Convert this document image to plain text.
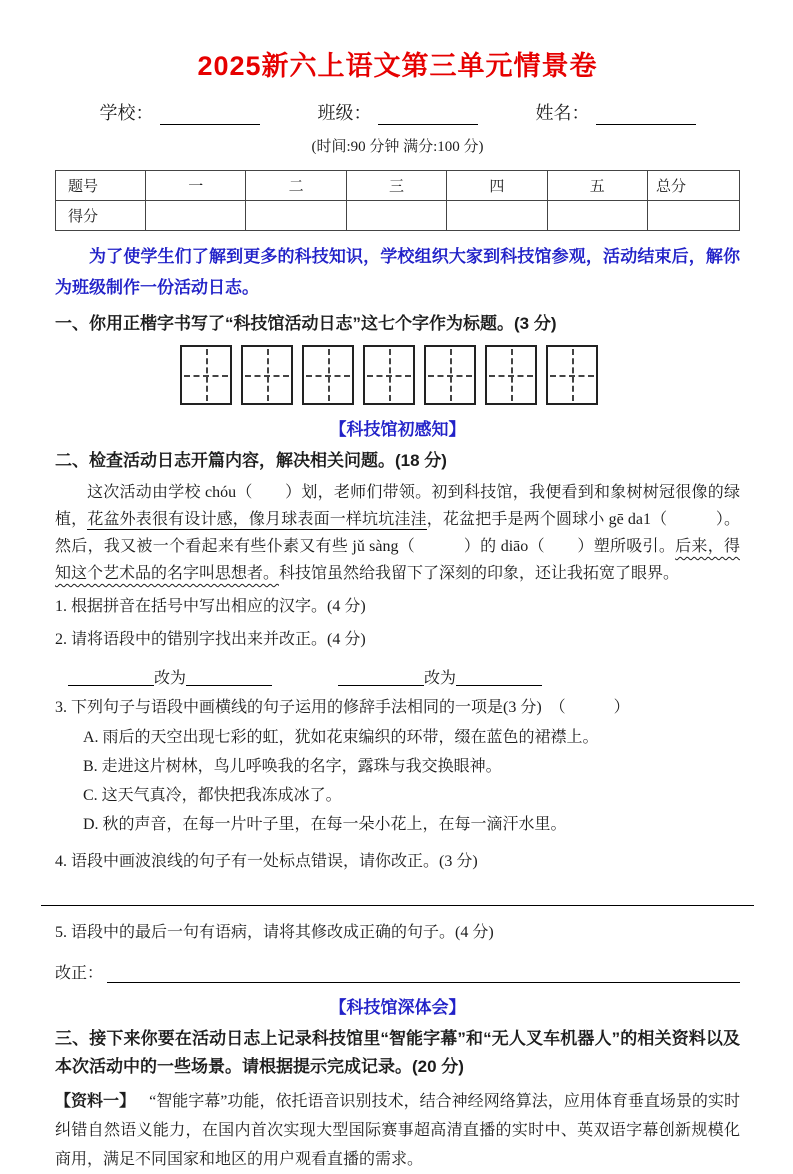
2025新六上语文第三单元情景卷
学校：	班级：	姓名：
(时间:90 分钟 满分:100 分)
题号	一	二	三	四	五	总分
得分						

为了使学生们了解到更多的科技知识，学校组织大家到科技馆参观，活动结束后，解你为班级制作一份活动日志。

一、你用正楷字书写了“科技馆活动日志”这七个字作为标题。(3 分)
【科技馆初感知】
二、检查活动日志开篇内容，解决相关问题。(18 分)

这次活动由学校 chóu（　　）划，老师们带领。初到科技馆，我便看到和象树树冠很像的绿植，花盆外表很有设计感，像月球表面一样坑坑洼洼，花盆把手是两个圆球小 gē da1（　　　）。然后，我又被一个看起来有些仆素又有些 jǔ sàng（　　　）的 diāo（　　）塑所吸引。后来，得知这个艺术品的名字叫思想者。科技馆虽然给我留下了深刻的印象，还让我拓宽了眼界。

1. 根据拼音在括号中写出相应的汉字。(4 分)
2. 请将语段中的错别字找出来并改正。(4 分)
改为	改为
3. 下列句子与语段中画横线的句子运用的修辞手法相同的一项是(3 分)　（　　　）
A. 雨后的天空出现七彩的虹，犹如花束编织的环带，缀在蓝色的裙襟上。
B. 走进这片树林，鸟儿呼唤我的名字，露珠与我交换眼神。
C. 这天气真冷，都快把我冻成冰了。
D. 秋的声音，在每一片叶子里，在每一朵小花上，在每一滴汗水里。
4. 语段中画波浪线的句子有一处标点错误，请你改正。(3 分)
5. 语段中的最后一句有语病，请将其修改成正确的句子。(4 分)
改正：
【科技馆深体会】
三、接下来你要在活动日志上记录科技馆里“智能字幕”和“无人叉车机器人”的相关资料以及本次活动中的一些场景。请根据提示完成记录。(20 分)

【资料一】 “智能字幕”功能，依托语音识别技术，结合神经网络算法，应用体育垂直场景的实时纠错自然语义能力，在国内首次实现大型国际赛事超高清直播的实时中、英双语字幕创新规模化商用，满足不同国家和地区的用户观看直播的需求。
